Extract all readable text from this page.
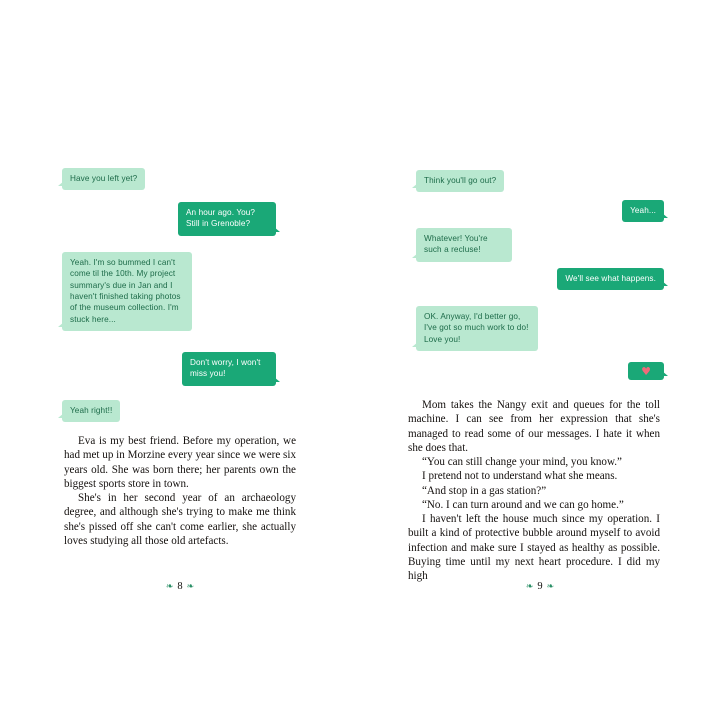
Have you left yet?
An hour ago. You? Still in Grenoble?
Yeah. I'm so bummed I can't come til the 10th. My project summary's due in Jan and I haven't finished taking photos of the museum collection. I'm stuck here...
Don't worry, I won't miss you!
Yeah right!!

Eva is my best friend. Before my operation, we had met up in Morzine every year since we were six years old. She was born there; her parents own the biggest sports store in town.

She's in her second year of an archaeology degree, and although she's trying to make me think she's pissed off she can't come earlier, she actually loves studying all those old artefacts.

❧ 8 ❧
Think you'll go out?
Yeah...
Whatever! You're such a recluse!
We'll see what happens.
OK. Anyway, I'd better go, I've got so much work to do! Love you!
♥

Mom takes the Nangy exit and queues for the toll machine. I can see from her expression that she's managed to read some of our messages. I hate it when she does that.

“You can still change your mind, you know.”

I pretend not to understand what she means.

“And stop in a gas station?”

“No. I can turn around and we can go home.”

I haven't left the house much since my operation. I built a kind of protective bubble around myself to avoid infection and make sure I stayed as healthy as possible. Buying time until my next heart procedure. I did my high

❧ 9 ❧
